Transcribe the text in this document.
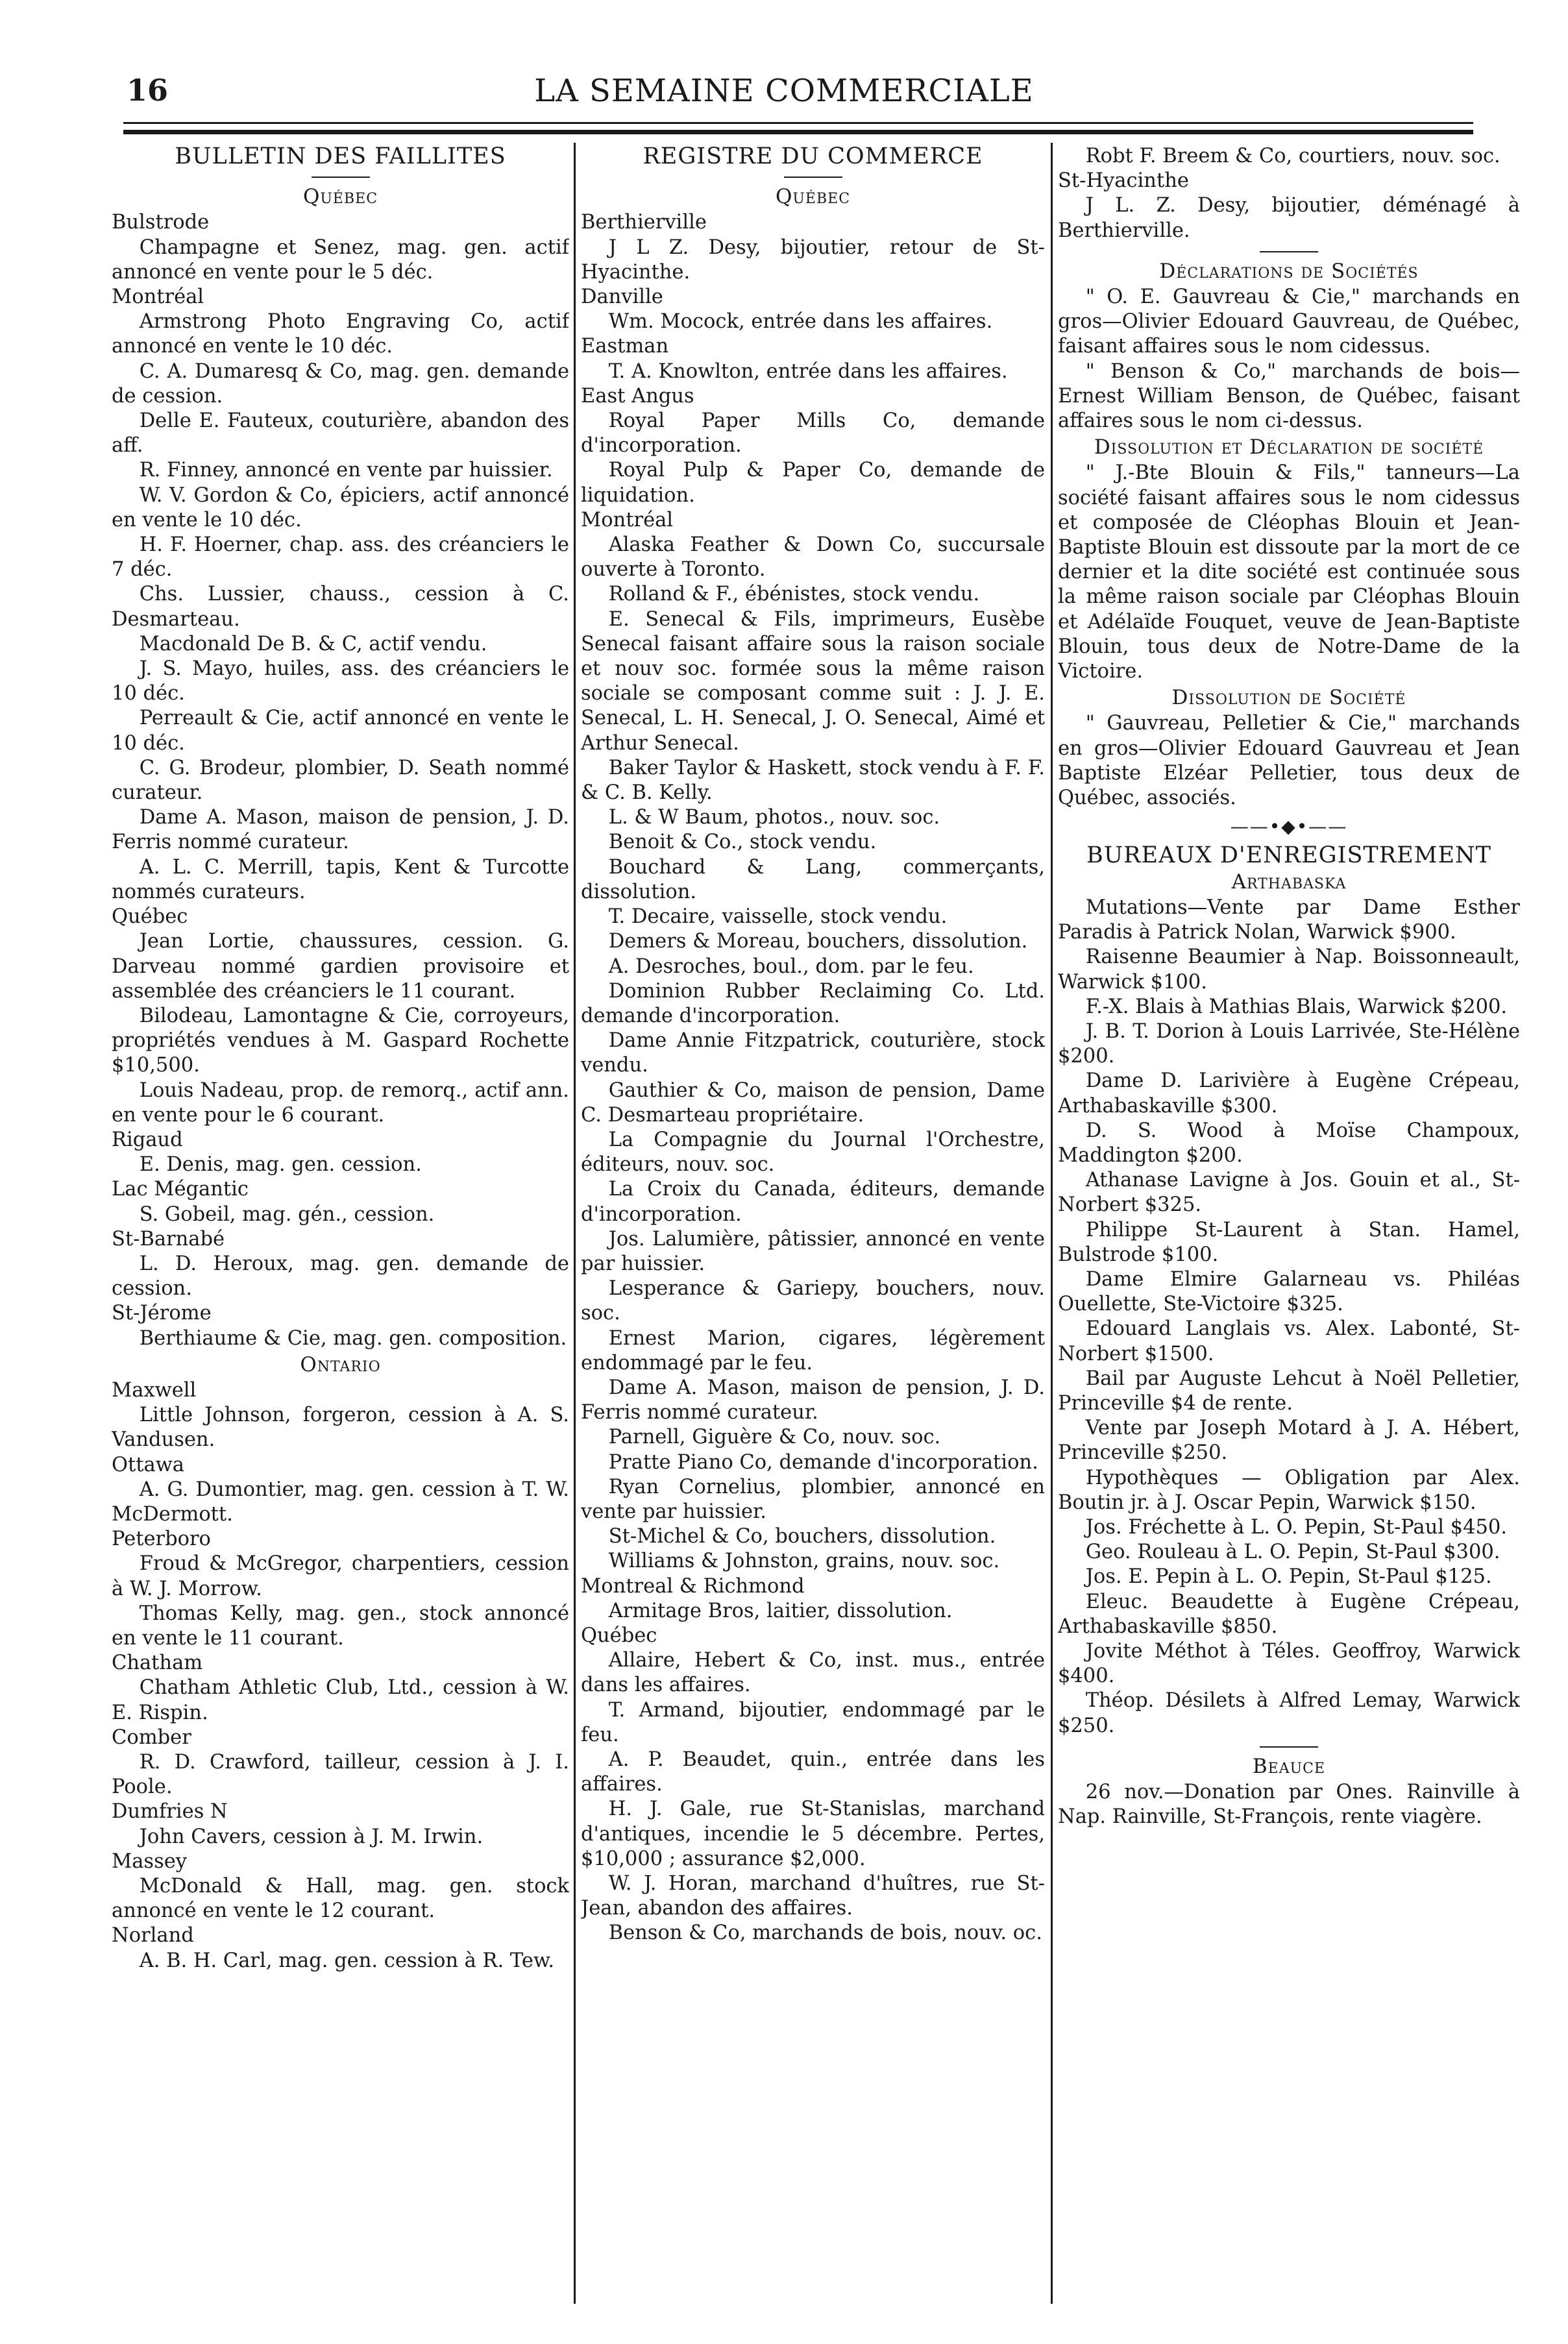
16	LA SEMAINE COMMERCIALE

BULLETIN DES FAILLITES

Québec

Bulstrode

Champagne et Senez, mag. gen. actif annoncé en vente pour le 5 déc.

Montréal

Armstrong Photo Engraving Co, actif annoncé en vente le 10 déc.

C. A. Dumaresq & Co, mag. gen. demande de cession.

Delle E. Fauteux, couturière, abandon des aff.

R. Finney, annoncé en vente par huissier.

W. V. Gordon & Co, épiciers, actif annoncé en vente le 10 déc.

H. F. Hoerner, chap. ass. des créanciers le 7 déc.

Chs. Lussier, chauss., cession à C. Desmarteau.

Macdonald De B. & C, actif vendu.

J. S. Mayo, huiles, ass. des créanciers le 10 déc.

Perreault & Cie, actif annoncé en vente le 10 déc.

C. G. Brodeur, plombier, D. Seath nommé curateur.

Dame A. Mason, maison de pension, J. D. Ferris nommé curateur.

A. L. C. Merrill, tapis, Kent & Turcotte nommés curateurs.

Québec

Jean Lortie, chaussures, cession. G. Darveau nommé gardien provisoire et assemblée des créanciers le 11 courant.

Bilodeau, Lamontagne & Cie, corroyeurs, propriétés vendues à M. Gaspard Rochette $10,500.

Louis Nadeau, prop. de remorq., actif ann. en vente pour le 6 courant.

Rigaud

E. Denis, mag. gen. cession.

Lac Mégantic

S. Gobeil, mag. gén., cession.

St-Barnabé

L. D. Heroux, mag. gen. demande de cession.

St-Jérome

Berthiaume & Cie, mag. gen. composition.

Ontario

Maxwell

Little Johnson, forgeron, cession à A. S. Vandusen.

Ottawa

A. G. Dumontier, mag. gen. cession à T. W. McDermott.

Peterboro

Froud & McGregor, charpentiers, cession à W. J. Morrow.

Thomas Kelly, mag. gen., stock annoncé en vente le 11 courant.

Chatham

Chatham Athletic Club, Ltd., cession à W. E. Rispin.

Comber

R. D. Crawford, tailleur, cession à J. I. Poole.

Dumfries N

John Cavers, cession à J. M. Irwin.

Massey

McDonald & Hall, mag. gen. stock annoncé en vente le 12 courant.

Norland

A. B. H. Carl, mag. gen. cession à R. Tew.

REGISTRE DU COMMERCE

Québec

Berthierville

J L Z. Desy, bijoutier, retour de St-Hyacinthe.

Danville

Wm. Mocock, entrée dans les affaires.

Eastman

T. A. Knowlton, entrée dans les affaires.

East Angus

Royal Paper Mills Co, demande d'incorporation.

Royal Pulp & Paper Co, demande de liquidation.

Montréal

Alaska Feather & Down Co, succursale ouverte à Toronto.

Rolland & F., ébénistes, stock vendu.

E. Senecal & Fils, imprimeurs, Eusèbe Senecal faisant affaire sous la raison sociale et nouv soc. formée sous la même raison sociale se composant comme suit : J. J. E. Senecal, L. H. Senecal, J. O. Senecal, Aimé et Arthur Senecal.

Baker Taylor & Haskett, stock vendu à F. F. & C. B. Kelly.

L. & W Baum, photos., nouv. soc.

Benoit & Co., stock vendu.

Bouchard & Lang, commerçants, dissolution.

T. Decaire, vaisselle, stock vendu.

Demers & Moreau, bouchers, dissolution.

A. Desroches, boul., dom. par le feu.

Dominion Rubber Reclaiming Co. Ltd. demande d'incorporation.

Dame Annie Fitzpatrick, couturière, stock vendu.

Gauthier & Co, maison de pension, Dame C. Desmarteau propriétaire.

La Compagnie du Journal l'Orchestre, éditeurs, nouv. soc.

La Croix du Canada, éditeurs, demande d'incorporation.

Jos. Lalumière, pâtissier, annoncé en vente par huissier.

Lesperance & Gariepy, bouchers, nouv. soc.

Ernest Marion, cigares, légèrement endommagé par le feu.

Dame A. Mason, maison de pension, J. D. Ferris nommé curateur.

Parnell, Giguère & Co, nouv. soc.

Pratte Piano Co, demande d'incorporation.

Ryan Cornelius, plombier, annoncé en vente par huissier.

St-Michel & Co, bouchers, dissolution.

Williams & Johnston, grains, nouv. soc.

Montreal & Richmond

Armitage Bros, laitier, dissolution.

Québec

Allaire, Hebert & Co, inst. mus., entrée dans les affaires.

T. Armand, bijoutier, endommagé par le feu.

A. P. Beaudet, quin., entrée dans les affaires.

H. J. Gale, rue St-Stanislas, marchand d'antiques, incendie le 5 décembre. Pertes, $10,000 ; assurance $2,000.

W. J. Horan, marchand d'huîtres, rue St-Jean, abandon des affaires.

Benson & Co, marchands de bois, nouv. oc.

Robt F. Breem & Co, courtiers, nouv. soc.

St-Hyacinthe

J L. Z. Desy, bijoutier, déménagé à Berthierville.

Déclarations de Sociétés

" O. E. Gauvreau & Cie," marchands en gros—Olivier Edouard Gauvreau, de Québec, faisant affaires sous le nom cidessus.

" Benson & Co," marchands de bois—Ernest William Benson, de Québec, faisant affaires sous le nom ci-dessus.

Dissolution et Déclaration de société

" J.-Bte Blouin & Fils," tanneurs—La société faisant affaires sous le nom cidessus et composée de Cléophas Blouin et Jean-Baptiste Blouin est dissoute par la mort de ce dernier et la dite société est continuée sous la même raison sociale par Cléophas Blouin et Adélaïde Fouquet, veuve de Jean-Baptiste Blouin, tous deux de Notre-Dame de la Victoire.

Dissolution de Société

" Gauvreau, Pelletier & Cie," marchands en gros—Olivier Edouard Gauvreau et Jean Baptiste Elzéar Pelletier, tous deux de Québec, associés.

——•◆•——

BUREAUX D'ENREGISTREMENT

Arthabaska

Mutations—Vente par Dame Esther Paradis à Patrick Nolan, Warwick $900.

Raisenne Beaumier à Nap. Boissonneault, Warwick $100.

F.-X. Blais à Mathias Blais, Warwick $200.

J. B. T. Dorion à Louis Larrivée, Ste-Hélène $200.

Dame D. Larivière à Eugène Crépeau, Arthabaskaville $300.

D. S. Wood à Moïse Champoux, Maddington $200.

Athanase Lavigne à Jos. Gouin et al., St-Norbert $325.

Philippe St-Laurent à Stan. Hamel, Bulstrode $100.

Dame Elmire Galarneau vs. Philéas Ouellette, Ste-Victoire $325.

Edouard Langlais vs. Alex. Labonté, St-Norbert $1500.

Bail par Auguste Lehcut à Noël Pelletier, Princeville $4 de rente.

Vente par Joseph Motard à J. A. Hébert, Princeville $250.

Hypothèques — Obligation par Alex. Boutin jr. à J. Oscar Pepin, Warwick $150.

Jos. Fréchette à L. O. Pepin, St-Paul $450.

Geo. Rouleau à L. O. Pepin, St-Paul $300.

Jos. E. Pepin à L. O. Pepin, St-Paul $125.

Eleuc. Beaudette à Eugène Crépeau, Arthabaskaville $850.

Jovite Méthot à Téles. Geoffroy, Warwick $400.

Théop. Désilets à Alfred Lemay, Warwick $250.

Beauce

26 nov.—Donation par Ones. Rainville à Nap. Rainville, St-François, rente viagère.
